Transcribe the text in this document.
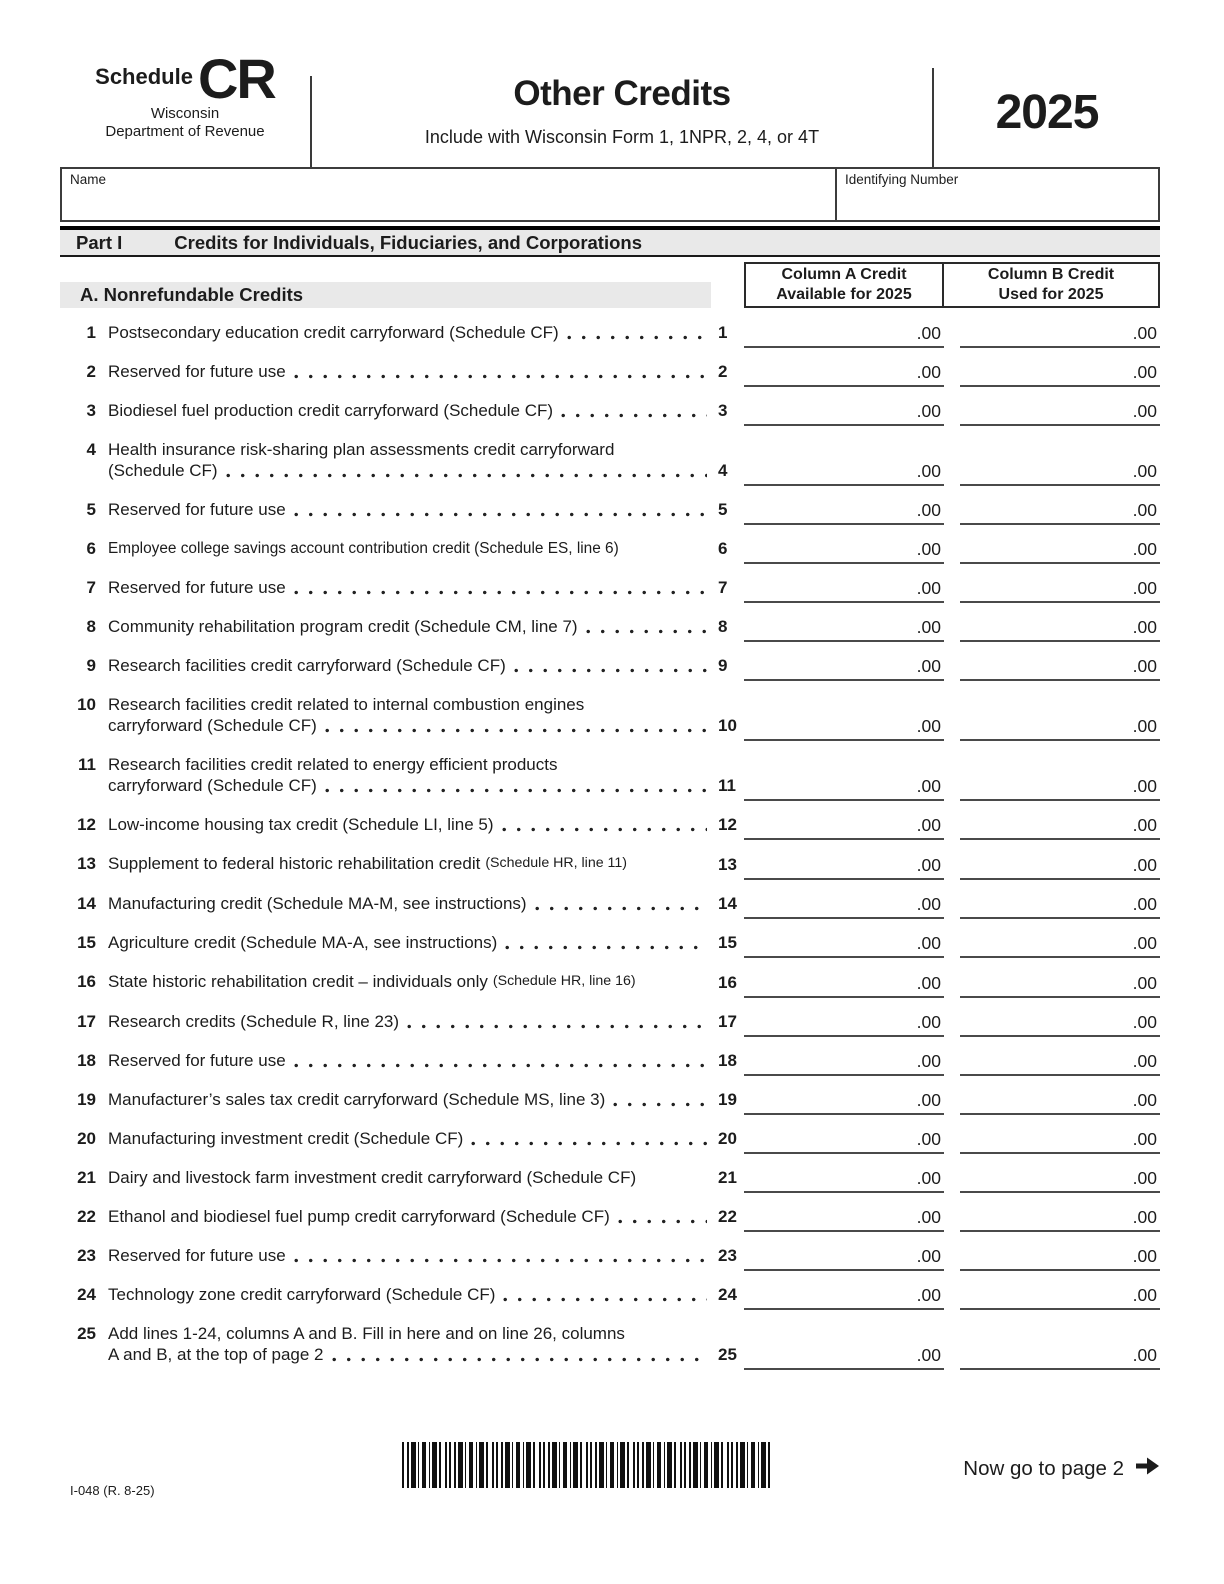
Schedule CR
Wisconsin
Department of Revenue
Other Credits
Include with Wisconsin Form 1, 1NPR, 2, 4, or 4T	2025
Name	Identifying Number
Part I	Credits for Individuals, Fiduciaries, and Corporations
A. Nonrefundable Credits
Column A Credit
Available for 2025
Column B Credit
Used for 2025
1 Postsecondary education credit carryforward (Schedule CF)	1	.00	.00
2 Reserved for future use	2	.00	.00
3 Biodiesel fuel production credit carryforward (Schedule CF)	3	.00	.00
4 Health insurance risk-sharing plan assessments credit carryforward
(Schedule CF)	4	.00	.00
5 Reserved for future use	5	.00	.00
6 Employee college savings account contribution credit (Schedule ES, line 6)	6	.00	.00
7 Reserved for future use	7	.00	.00
8 Community rehabilitation program credit (Schedule CM, line 7)	8	.00	.00
9 Research facilities credit carryforward (Schedule CF)	9	.00	.00
10 Research facilities credit related to internal combustion engines
carryforward (Schedule CF)	10	.00	.00
11 Research facilities credit related to energy efficient products
carryforward (Schedule CF)	11	.00	.00
12 Low-income housing tax credit (Schedule LI, line 5)	12	.00	.00
13 Supplement to federal historic rehabilitation credit (Schedule HR, line 11)	13	.00	.00
14 Manufacturing credit (Schedule MA-M, see instructions)	14	.00	.00
15 Agriculture credit (Schedule MA-A, see instructions)	15	.00	.00
16 State historic rehabilitation credit – individuals only (Schedule HR, line 16)	16	.00	.00
17 Research credits (Schedule R, line 23)	17	.00	.00
18 Reserved for future use	18	.00	.00
19 Manufacturer’s sales tax credit carryforward (Schedule MS, line 3)	19	.00	.00
20 Manufacturing investment credit (Schedule CF)	20	.00	.00
21 Dairy and livestock farm investment credit carryforward (Schedule CF)	21	.00	.00
22 Ethanol and biodiesel fuel pump credit carryforward (Schedule CF)	22	.00	.00
23 Reserved for future use	23	.00	.00
24 Technology zone credit carryforward (Schedule CF)	24	.00	.00
25 Add lines 1-24, columns A and B. Fill in here and on line 26, columns
A and B, at the top of page 2	25	.00	.00
I-048 (R. 8-25)
Now go to page 2
